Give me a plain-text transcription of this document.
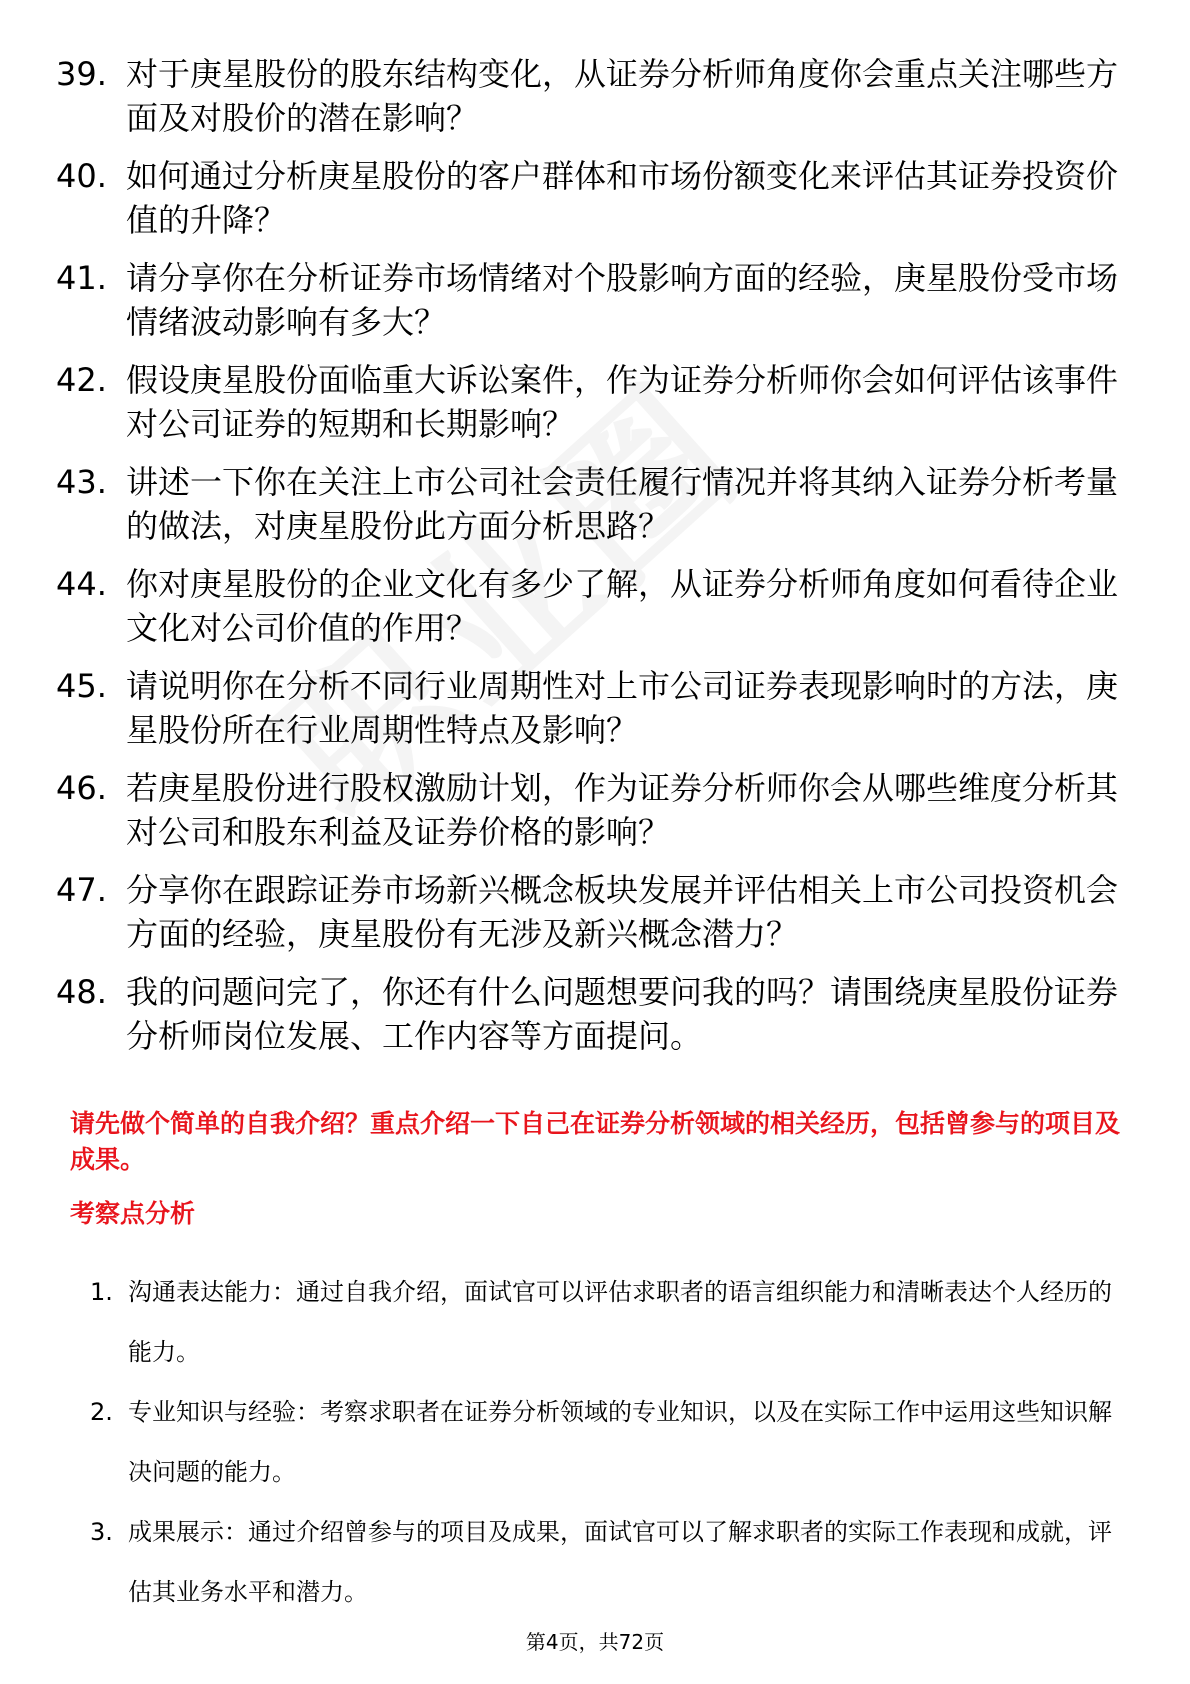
39. 对于庚星股份的股东结构变化，从证券分析师角度你会重点关注哪些方面及对股价的潜在影响？
40. 如何通过分析庚星股份的客户群体和市场份额变化来评估其证券投资价值的升降？
41. 请分享你在分析证券市场情绪对个股影响方面的经验，庚星股份受市场情绪波动影响有多大？
42. 假设庚星股份面临重大诉讼案件，作为证券分析师你会如何评估该事件对公司证券的短期和长期影响？
43. 讲述一下你在关注上市公司社会责任履行情况并将其纳入证券分析考量的做法，对庚星股份此方面分析思路？
44. 你对庚星股份的企业文化有多少了解，从证券分析师角度如何看待企业文化对公司价值的作用？
45. 请说明你在分析不同行业周期性对上市公司证券表现影响时的方法，庚星股份所在行业周期性特点及影响？
46. 若庚星股份进行股权激励计划，作为证券分析师你会从哪些维度分析其对公司和股东利益及证券价格的影响？
47. 分享你在跟踪证券市场新兴概念板块发展并评估相关上市公司投资机会方面的经验，庚星股份有无涉及新兴概念潜力？
48. 我的问题问完了，你还有什么问题想要问我的吗？请围绕庚星股份证券分析师岗位发展、工作内容等方面提问。

请先做个简单的自我介绍？重点介绍一下自己在证券分析领域的相关经历，包括曾参与的项目及成果。

考察点分析
1. 沟通表达能力：通过自我介绍，面试官可以评估求职者的语言组织能力和清晰表达个人经历的能力。
2. 专业知识与经验：考察求职者在证券分析领域的专业知识，以及在实际工作中运用这些知识解决问题的能力。
3. 成果展示：通过介绍曾参与的项目及成果，面试官可以了解求职者的实际工作表现和成就，评估其业务水平和潜力。
第4页，共72页
